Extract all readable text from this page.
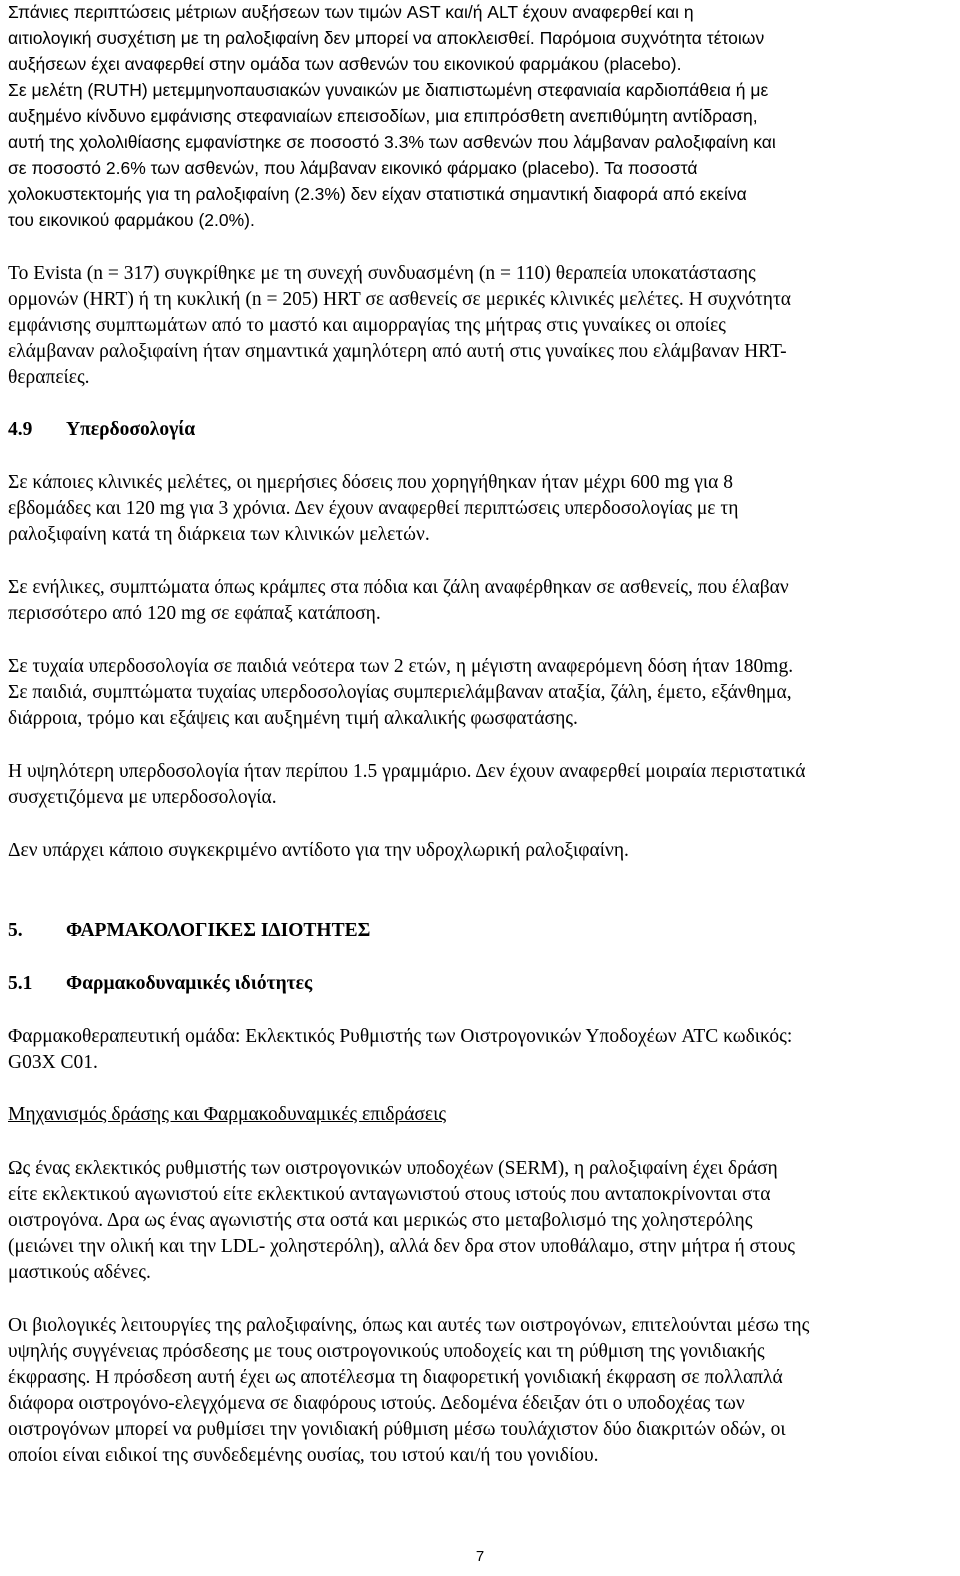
Σπάνιες περιπτώσεις μέτριων αυξήσεων των τιμών AST και/ή ALT έχουν αναφερθεί και η
αιτιολογική συσχέτιση με τη ραλοξιφαίνη δεν μπορεί να αποκλεισθεί. Παρόμοια συχνότητα τέτοιων
αυξήσεων έχει αναφερθεί στην ομάδα των ασθενών του εικονικού φαρμάκου (placebo).
Σε μελέτη (RUTH) μετεμμηνοπαυσιακών γυναικών με διαπιστωμένη στεφανιαία καρδιοπάθεια ή με
αυξημένο κίνδυνο εμφάνισης στεφανιαίων επεισοδίων, μια επιπρόσθετη ανεπιθύμητη αντίδραση,
αυτή της χολολιθίασης εμφανίστηκε σε ποσοστό 3.3% των ασθενών που λάμβαναν ραλοξιφαίνη και
σε ποσοστό 2.6% των ασθενών, που λάμβαναν εικονικό φάρμακο (placebo). Τα ποσοστά
χολοκυστεκτομής για τη ραλοξιφαίνη (2.3%) δεν είχαν στατιστικά σημαντική διαφορά από εκείνα
του εικονικού φαρμάκου (2.0%).

Το Evista (n = 317) συγκρίθηκε με τη συνεχή συνδυασμένη (n = 110) θεραπεία υποκατάστασης
ορμονών (HRT) ή τη κυκλική (n = 205) HRT σε ασθενείς σε μερικές κλινικές μελέτες. Η συχνότητα
εμφάνισης συμπτωμάτων από το μαστό και αιμορραγίας της μήτρας στις γυναίκες οι οποίες
ελάμβαναν ραλοξιφαίνη ήταν σημαντικά χαμηλότερη από αυτή στις γυναίκες που ελάμβαναν HRT-
θεραπείες.

4.9 Υπερδοσολογία

Σε κάποιες κλινικές μελέτες, οι ημερήσιες δόσεις που χορηγήθηκαν ήταν μέχρι 600 mg για 8
εβδομάδες και 120 mg για 3 χρόνια. Δεν έχουν αναφερθεί περιπτώσεις υπερδοσολογίας με τη
ραλοξιφαίνη κατά τη διάρκεια των κλινικών μελετών.

Σε ενήλικες, συμπτώματα όπως κράμπες στα πόδια και ζάλη αναφέρθηκαν σε ασθενείς, που έλαβαν
περισσότερο από 120 mg σε εφάπαξ κατάποση.

Σε τυχαία υπερδοσολογία σε παιδιά νεότερα των 2 ετών, η μέγιστη αναφερόμενη δόση ήταν 180mg.
Σε παιδιά, συμπτώματα τυχαίας υπερδοσολογίας συμπεριελάμβαναν αταξία, ζάλη, έμετο, εξάνθημα,
διάρροια, τρόμο και εξάψεις και αυξημένη τιμή αλκαλικής φωσφατάσης.

Η υψηλότερη υπερδοσολογία ήταν περίπου 1.5 γραμμάριο. Δεν έχουν αναφερθεί μοιραία περιστατικά
συσχετιζόμενα με υπερδοσολογία.

Δεν υπάρχει κάποιο συγκεκριμένο αντίδοτο για την υδροχλωρική ραλοξιφαίνη.

5. ΦΑΡΜΑΚΟΛΟΓΙΚΕΣ ΙΔΙΟΤΗΤΕΣ
5.1 Φαρμακοδυναμικές ιδιότητες

Φαρμακοθεραπευτική ομάδα: Εκλεκτικός Ρυθμιστής των Οιστρογονικών Υποδοχέων ATC κωδικός:
G03X C01.

Μηχανισμός δράσης και Φαρμακοδυναμικές επιδράσεις

Ως ένας εκλεκτικός ρυθμιστής των οιστρογονικών υποδοχέων (SERM), η ραλοξιφαίνη έχει δράση
είτε εκλεκτικού αγωνιστού είτε εκλεκτικού ανταγωνιστού στους ιστούς που ανταποκρίνονται στα
οιστρογόνα. Δρα ως ένας αγωνιστής στα οστά και μερικώς στο μεταβολισμό της χοληστερόλης
(μειώνει την ολική και την LDL- χοληστερόλη), αλλά δεν δρα στον υποθάλαμο, στην μήτρα ή στους
μαστικούς αδένες.

Οι βιολογικές λειτουργίες της ραλοξιφαίνης, όπως και αυτές των οιστρογόνων, επιτελούνται μέσω της
υψηλής συγγένειας πρόσδεσης με τους οιστρογονικούς υποδοχείς και τη ρύθμιση της γονιδιακής
έκφρασης. Η πρόσδεση αυτή έχει ως αποτέλεσμα τη διαφορετική γονιδιακή έκφραση σε πολλαπλά
διάφορα οιστρογόνο-ελεγχόμενα σε διαφόρους ιστούς. Δεδομένα έδειξαν ότι ο υποδοχέας των
οιστρογόνων μπορεί να ρυθμίσει την γονιδιακή ρύθμιση μέσω τουλάχιστον δύο διακριτών οδών, οι
οποίοι είναι ειδικοί της συνδεδεμένης ουσίας, του ιστού και/ή του γονιδίου.

7
